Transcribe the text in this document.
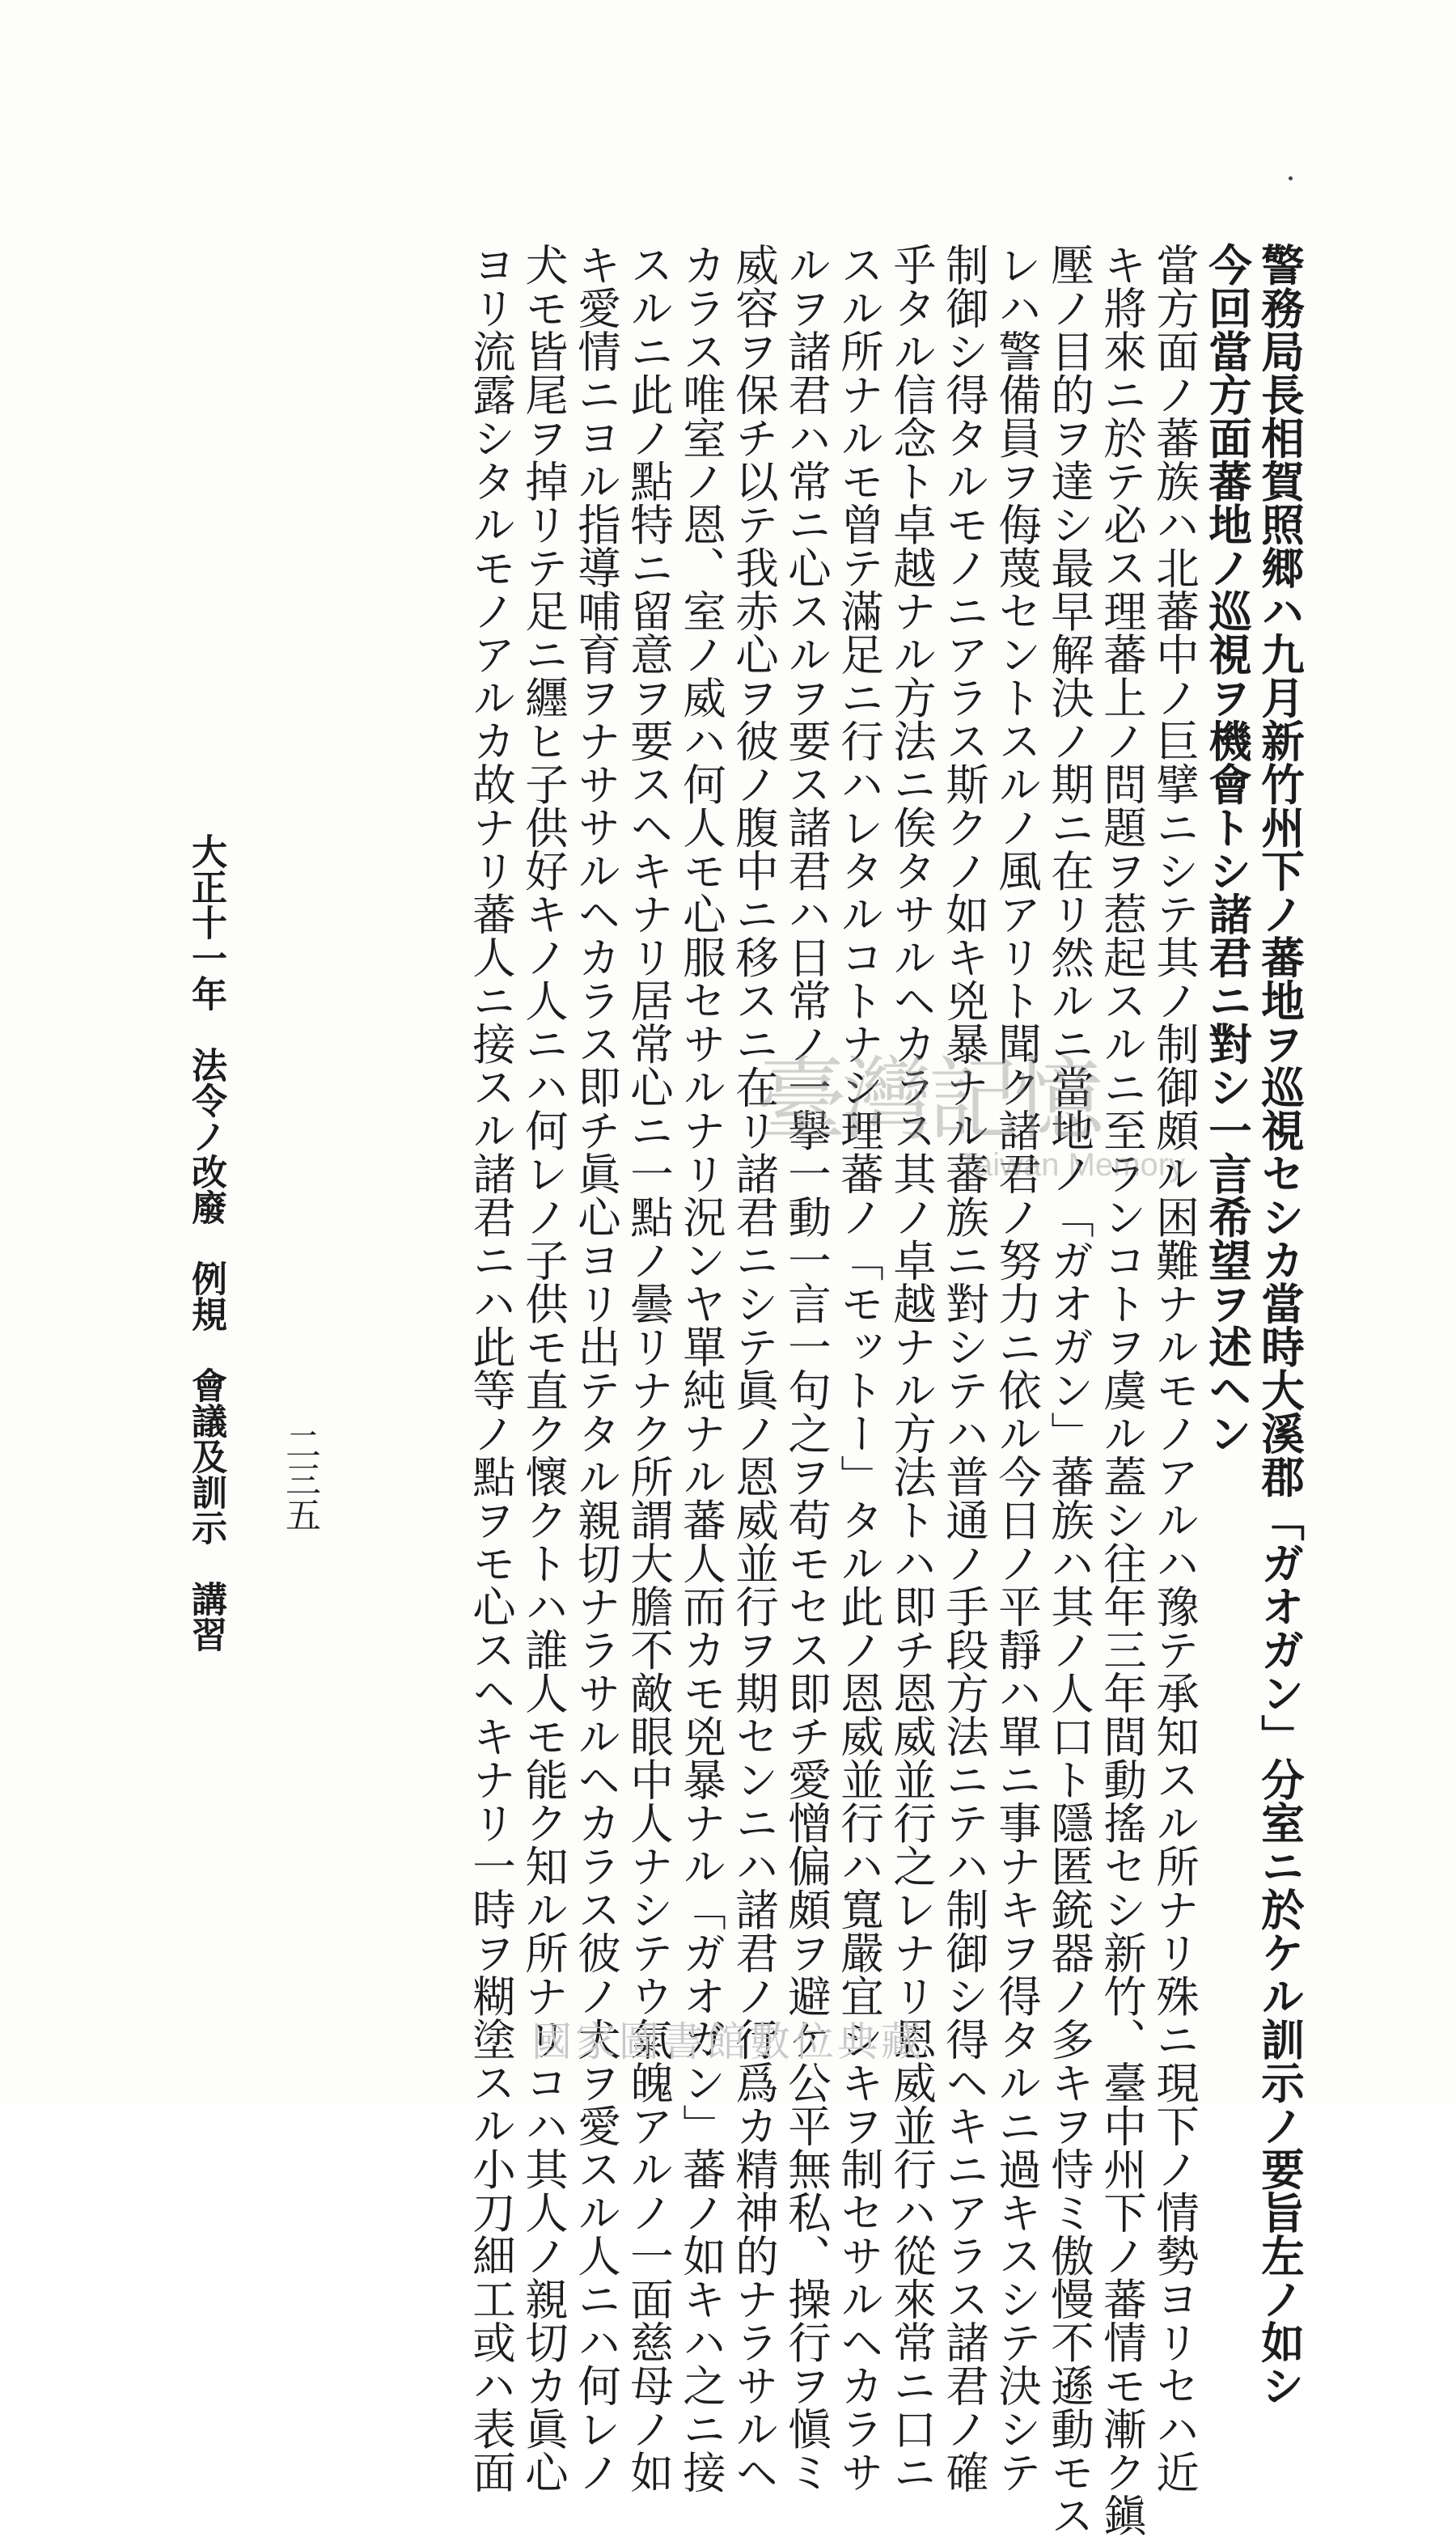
警務局長相賀照郷ハ九月新竹州下ノ蕃地ヲ巡視セシカ當時大溪郡「ガオガン」分室ニ於ケル訓示ノ要旨左ノ如シ
今回當方面蕃地ノ巡視ヲ機會トシ諸君ニ對シ一言希望ヲ述ヘン
當方面ノ蕃族ハ北蕃中ノ巨擘ニシテ其ノ制御頗ル困難ナルモノアルハ豫テ承知スル所ナリ殊ニ現下ノ情勢ヨリセハ近
キ將來ニ於テ必ス理蕃上ノ問題ヲ惹起スルニ至ランコトヲ虞ル蓋シ往年三年間動搖セシ新竹、臺中州下ノ蕃情モ漸ク鎭
壓ノ目的ヲ達シ最早解決ノ期ニ在リ然ルニ當地ノ「ガオガン」蕃族ハ其ノ人口ト隱匿銃器ノ多キヲ恃ミ傲慢不遜動モス
レハ警備員ヲ侮蔑セントスルノ風アリト聞ク諸君ノ努力ニ依ル今日ノ平靜ハ單ニ事ナキヲ得タルニ過キスシテ決シテ
制御シ得タルモノニアラス斯クノ如キ兇暴ナル蕃族ニ對シテハ普通ノ手段方法ニテハ制御シ得ヘキニアラス諸君ノ確
乎タル信念ト卓越ナル方法ニ俟タサルヘカラス其ノ卓越ナル方法トハ即チ恩威並行之レナリ恩威並行ハ從來常ニ口ニ
スル所ナルモ曾テ滿足ニ行ハレタルコトナシ理蕃ノ「モットー」タル此ノ恩威並行ハ寬嚴宜シキヲ制セサルヘカラサ
ルヲ諸君ハ常ニ心スルヲ要ス諸君ハ日常ノ一擧一動一言一句之ヲ苟モセス即チ愛憎偏頗ヲ避ケ公平無私、操行ヲ愼ミ
威容ヲ保チ以テ我赤心ヲ彼ノ腹中ニ移スニ在リ諸君ニシテ眞ノ恩威並行ヲ期センニハ諸君ノ行爲カ精神的ナラサルヘ
カラス唯室ノ恩、室ノ威ハ何人モ心服セサルナリ況ンヤ單純ナル蕃人而カモ兇暴ナル「ガオガン」蕃ノ如キハ之ニ接
スルニ此ノ點特ニ留意ヲ要スヘキナリ居常心ニ一點ノ曇リナク所謂大膽不敵眼中人ナシテウ氣魄アルノ一面慈母ノ如
キ愛情ニヨル指導哺育ヲナササルヘカラス即チ眞心ヨリ出テタル親切ナラサルヘカラス彼ノ犬ヲ愛スル人ニハ何レノ
犬モ皆尾ヲ掉リテ足ニ纒ヒ子供好キノ人ニハ何レノ子供モ直ク懷クトハ誰人モ能ク知ル所ナリコハ其人ノ親切カ眞心
ヨリ流露シタルモノアルカ故ナリ蕃人ニ接スル諸君ニハ此等ノ點ヲモ心スヘキナリ一時ヲ糊塗スル小刀細工或ハ表面
二三五
大正十一年　法令ノ改廢　例規　會議及訓示　講習	臺灣記憶
Taiwan Memory
國家圖書館數位典藏
